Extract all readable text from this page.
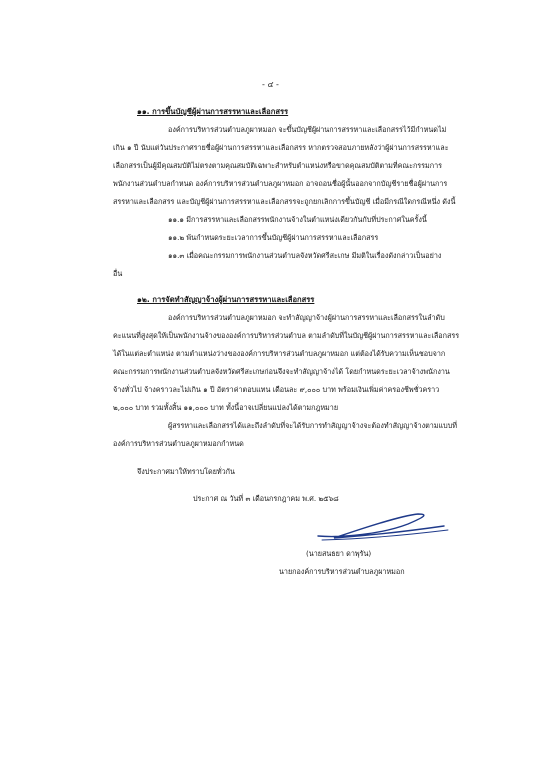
- ๔ -
๑๑. การขึ้นบัญชีผู้ผ่านการสรรหาและเลือกสรร
องค์การบริหารส่วนตำบลภูผาหมอก จะขึ้นบัญชีผู้ผ่านการสรรหาและเลือกสรรไว้มีกำหนดไม่
เกิน ๑ ปี นับแต่วันประกาศรายชื่อผู้ผ่านการสรรหาและเลือกสรร หากตรวจสอบภายหลังว่าผู้ผ่านการสรรหาและ
เลือกสรรเป็นผู้มีคุณสมบัติไม่ตรงตามคุณสมบัติเฉพาะสำหรับตำแหน่งหรือขาดคุณสมบัติตามที่คณะกรรมการ
พนักงานส่วนตำบลกำหนด องค์การบริหารส่วนตำบลภูผาหมอก อาจถอนชื่อผู้นั้นออกจากบัญชีรายชื่อผู้ผ่านการ
สรรหาและเลือกสรร และบัญชีผู้ผ่านการสรรหาและเลือกสรรจะถูกยกเลิกการขึ้นบัญชี เมื่อมีกรณีใดกรณีหนึ่ง ดังนี้
๑๑.๑ มีการสรรหาและเลือกสรรพนักงานจ้างในตำแหน่งเดียวกันกับที่ประกาศในครั้งนี้
๑๑.๒ พ้นกำหนดระยะเวลาการขึ้นบัญชีผู้ผ่านการสรรหาและเลือกสรร
๑๑.๓ เมื่อคณะกรรมการพนักงานส่วนตำบลจังหวัดศรีสะเกษ มีมติในเรื่องดังกล่าวเป็นอย่าง
อื่น
๑๒. การจัดทำสัญญาจ้างผู้ผ่านการสรรหาและเลือกสรร
องค์การบริหารส่วนตำบลภูผาหมอก จะทำสัญญาจ้างผู้ผ่านการสรรหาและเลือกสรรในลำดับ
คะแนนที่สูงสุดให้เป็นพนักงานจ้างขององค์การบริหารส่วนตำบล ตามลำดับที่ในบัญชีผู้ผ่านการสรรหาและเลือกสรร
ได้ในแต่ละตำแหน่ง ตามตำแหน่งว่างขององค์การบริหารส่วนตำบลภูผาหมอก แต่ต้องได้รับความเห็นชอบจาก
คณะกรรมการพนักงานส่วนตำบลจังหวัดศรีสะเกษก่อนจึงจะทำสัญญาจ้างได้ โดยกำหนดระยะเวลาจ้างพนักงาน
จ้างทั่วไป จ้างคราวละไม่เกิน ๑ ปี อัตราค่าตอบแทน เดือนละ ๙,๐๐๐ บาท พร้อมเงินเพิ่มค่าครองชีพชั่วคราว
๒,๐๐๐ บาท รวมทั้งสิ้น ๑๑,๐๐๐ บาท ทั้งนี้อาจเปลี่ยนแปลงได้ตามกฎหมาย
ผู้สรรหาและเลือกสรรได้และถึงลำดับที่จะได้รับการทำสัญญาจ้างจะต้องทำสัญญาจ้างตามแบบที่
องค์การบริหารส่วนตำบลภูผาหมอกกำหนด
จึงประกาศมาให้ทราบโดยทั่วกัน
ประกาศ ณ วันที่ ๓ เดือนกรกฎาคม พ.ศ. ๒๕๖๘
(นายสนธยา ดาพุรัน)
นายกองค์การบริหารส่วนตำบลภูผาหมอก
